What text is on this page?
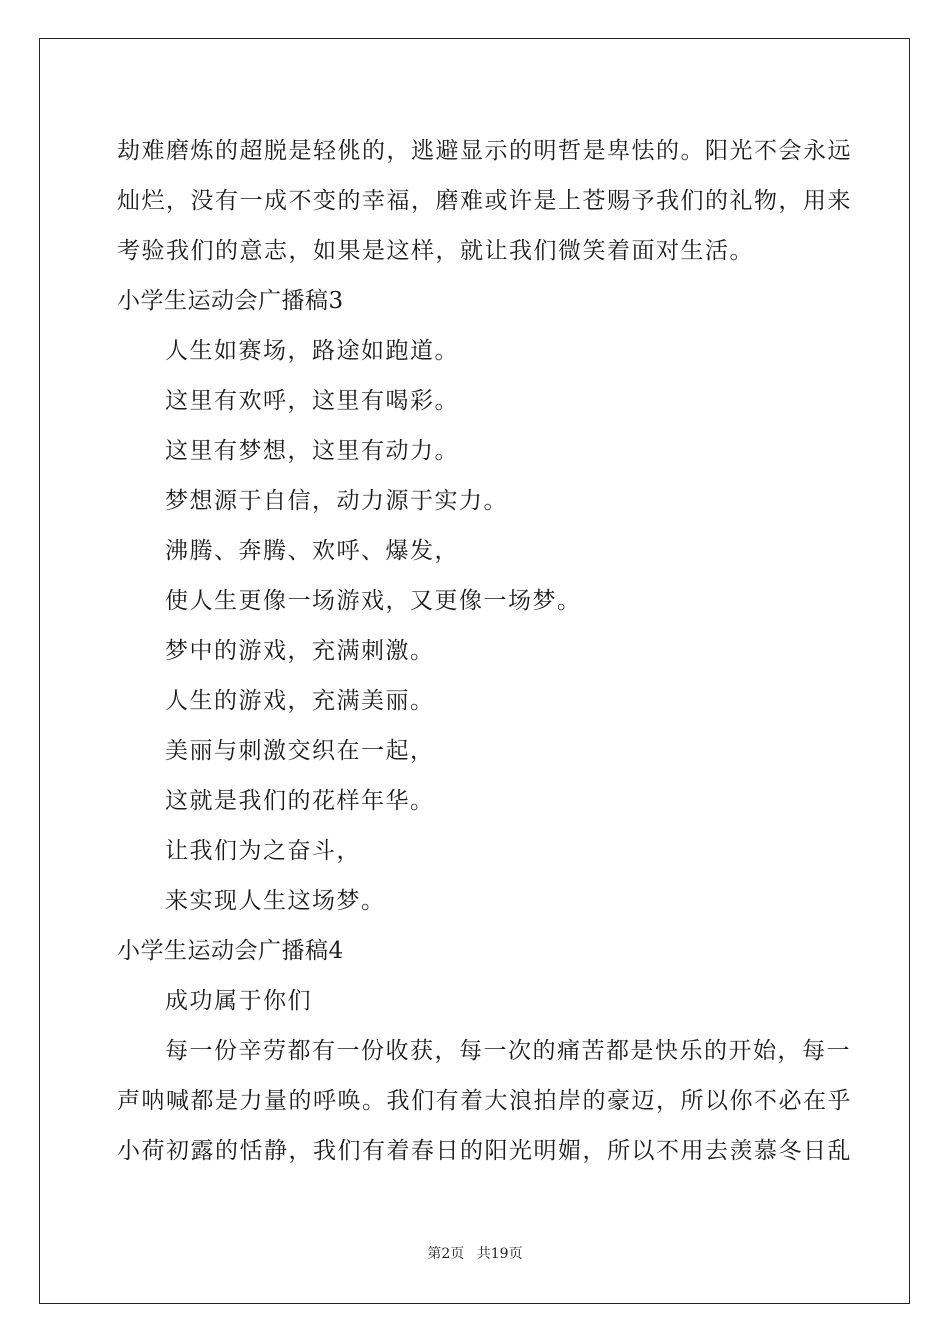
劫难磨炼的超脱是轻佻的，逃避显示的明哲是卑怯的。阳光不会永远
灿烂，没有一成不变的幸福，磨难或许是上苍赐予我们的礼物，用来
考验我们的意志，如果是这样，就让我们微笑着面对生活。
小学生运动会广播稿3
人生如赛场，路途如跑道。
这里有欢呼，这里有喝彩。
这里有梦想，这里有动力。
梦想源于自信，动力源于实力。
沸腾、奔腾、欢呼、爆发，
使人生更像一场游戏，又更像一场梦。
梦中的游戏，充满刺激。
人生的游戏，充满美丽。
美丽与刺激交织在一起，
这就是我们的花样年华。
让我们为之奋斗，
来实现人生这场梦。
小学生运动会广播稿4
成功属于你们
每一份辛劳都有一份收获，每一次的痛苦都是快乐的开始，每一
声呐喊都是力量的呼唤。我们有着大浪拍岸的豪迈，所以你不必在乎
小荷初露的恬静，我们有着春日的阳光明媚，所以不用去羡慕冬日乱
第2页 共19页
